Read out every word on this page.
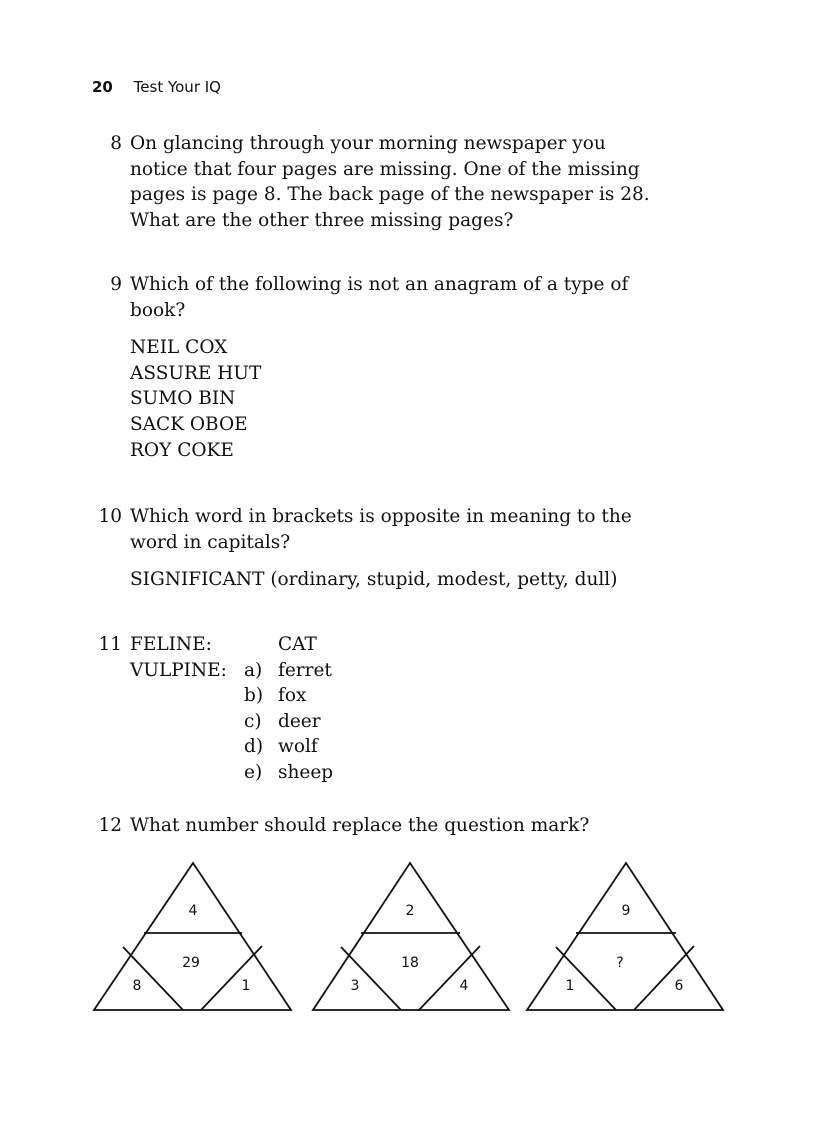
20 Test Your IQ
8 On glancing through your morning newspaper you
notice that four pages are missing. One of the missing
pages is page 8. The back page of the newspaper is 28.
What are the other three missing pages?
9 Which of the following is not an anagram of a type of
book?
NEIL COX
ASSURE HUT
SUMO BIN
SACK OBOE
ROY COKE
10 Which word in brackets is opposite in meaning to the
word in capitals?
SIGNIFICANT (ordinary, stupid, modest, petty, dull)
11 FELINE:	CAT
VULPINE: a) ferret
b) fox
c) deer
d) wolf
e) sheep
12 What number should replace the question mark?
4
29
8	1
2
18
3	4
9
?
1	6
